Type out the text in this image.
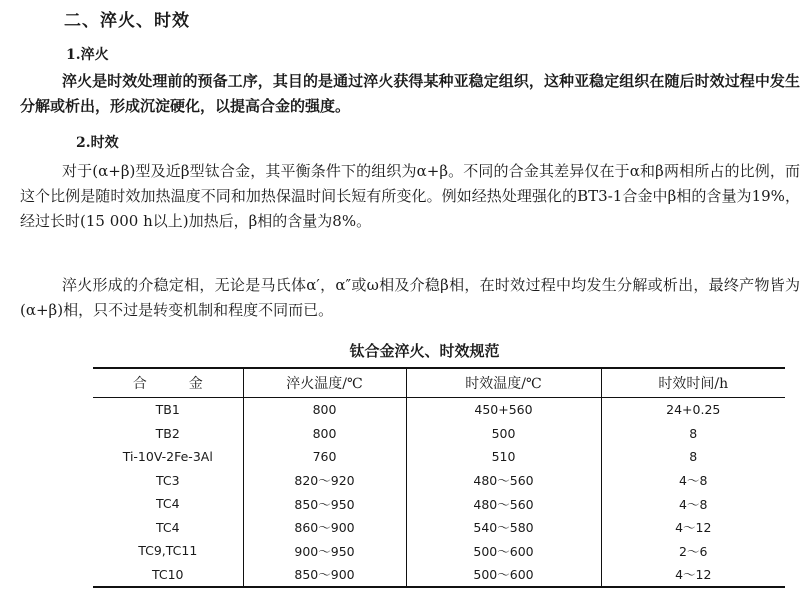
二、淬火、时效
1.淬火

淬火是时效处理前的预备工序，其目的是通过淬火获得某种亚稳定组织，这种亚稳定组织在随后时效过程中发生分解或析出，形成沉淀硬化，以提高合金的强度。

2.时效

对于(α+β)型及近β型钛合金，其平衡条件下的组织为α+β。不同的合金其差异仅在于α和β两相所占的比例，而这个比例是随时效加热温度不同和加热保温时间长短有所变化。例如经热处理强化的BT3-1合金中β相的含量为19%，经过长时(15 000 h以上)加热后，β相的含量为8%。

淬火形成的介稳定相，无论是马氏体α′，α″或ω相及介稳β相，在时效过程中均发生分解或析出，最终产物皆为(α+β)相，只不过是转变机制和程度不同而已。

钛合金淬火、时效规范
合　　　金	淬火温度/℃	时效温度/℃	时效时间/h
TB1	800	450+560	24+0.25
TB2	800	500	8
Ti-10V-2Fe-3Al	760	510	8
TC3	820～920	480～560	4～8
TC4	850～950	480～560	4～8
TC4	860～900	540～580	4～12
TC9,TC11	900～950	500～600	2～6
TC10	850～900	500～600	4～12
